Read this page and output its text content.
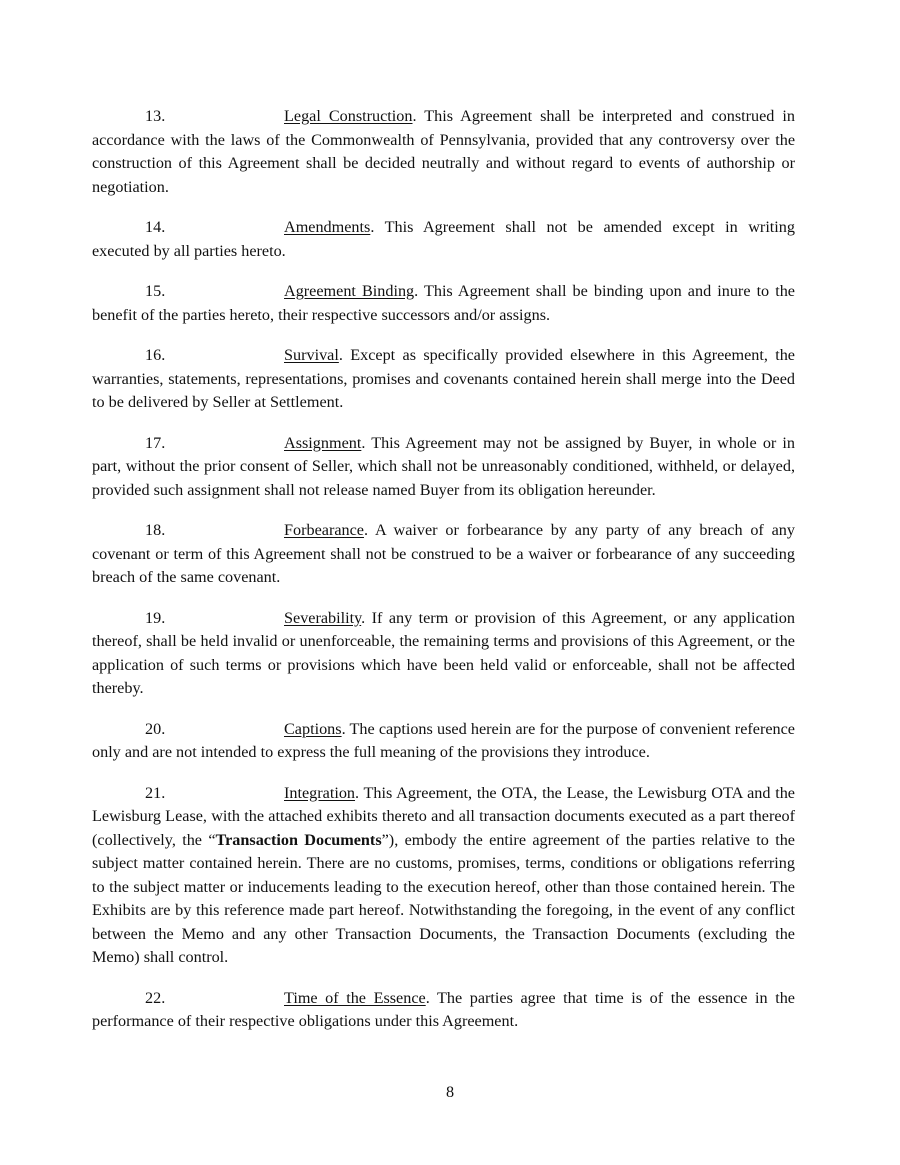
13.	Legal Construction. This Agreement shall be interpreted and construed in accordance with the laws of the Commonwealth of Pennsylvania, provided that any controversy over the construction of this Agreement shall be decided neutrally and without regard to events of authorship or negotiation.

14.	Amendments. This Agreement shall not be amended except in writing executed by all parties hereto.

15.	Agreement Binding. This Agreement shall be binding upon and inure to the benefit of the parties hereto, their respective successors and/or assigns.

16.	Survival. Except as specifically provided elsewhere in this Agreement, the warranties, statements, representations, promises and covenants contained herein shall merge into the Deed to be delivered by Seller at Settlement.

17.	Assignment. This Agreement may not be assigned by Buyer, in whole or in part, without the prior consent of Seller, which shall not be unreasonably conditioned, withheld, or delayed, provided such assignment shall not release named Buyer from its obligation hereunder.

18.	Forbearance. A waiver or forbearance by any party of any breach of any covenant or term of this Agreement shall not be construed to be a waiver or forbearance of any succeeding breach of the same covenant.

19.	Severability. If any term or provision of this Agreement, or any application thereof, shall be held invalid or unenforceable, the remaining terms and provisions of this Agreement, or the application of such terms or provisions which have been held valid or enforceable, shall not be affected thereby.

20.	Captions. The captions used herein are for the purpose of convenient reference only and are not intended to express the full meaning of the provisions they introduce.

21.	Integration. This Agreement, the OTA, the Lease, the Lewisburg OTA and the Lewisburg Lease, with the attached exhibits thereto and all transaction documents executed as a part thereof (collectively, the “Transaction Documents”), embody the entire agreement of the parties relative to the subject matter contained herein. There are no customs, promises, terms, conditions or obligations referring to the subject matter or inducements leading to the execution hereof, other than those contained herein. The Exhibits are by this reference made part hereof. Notwithstanding the foregoing, in the event of any conflict between the Memo and any other Transaction Documents, the Transaction Documents (excluding the Memo) shall control.

22.	Time of the Essence. The parties agree that time is of the essence in the performance of their respective obligations under this Agreement.

8
